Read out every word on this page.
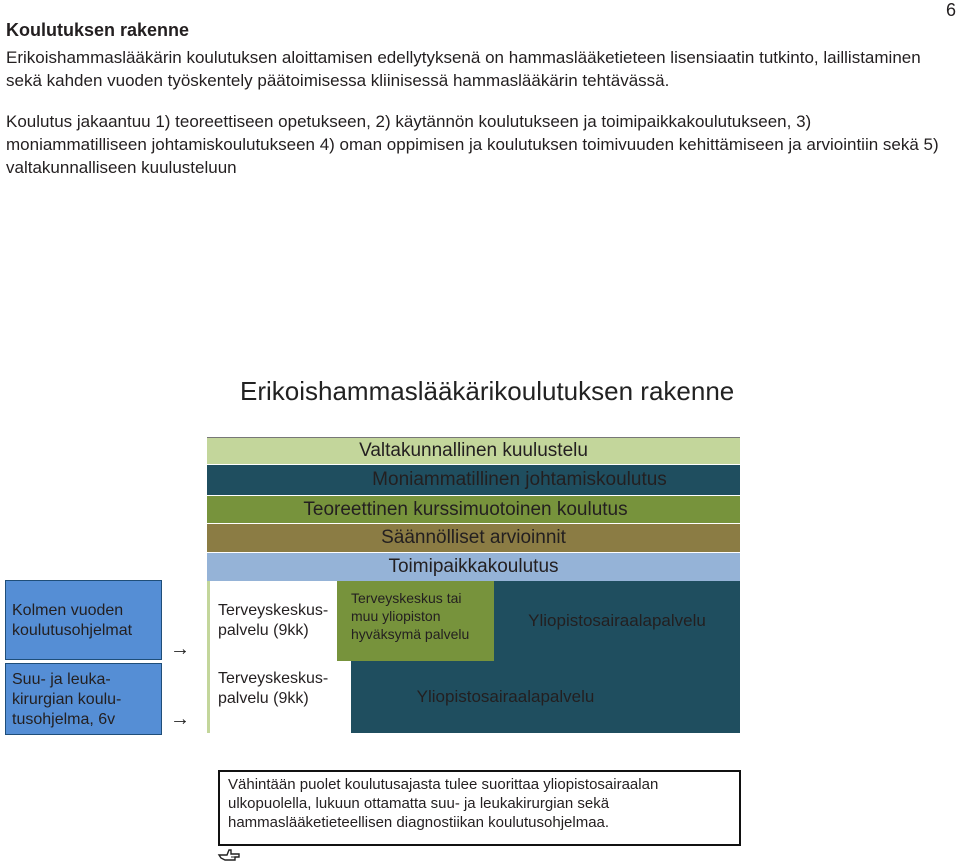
6
Koulutuksen rakenne

Erikoishammaslääkärin koulutuksen aloittamisen edellytyksenä on hammaslääketieteen lisensiaatin tutkinto, laillistaminen sekä kahden vuoden työskentely päätoimisessa kliinisessä hammaslääkärin tehtävässä.

Koulutus jakaantuu 1) teoreettiseen opetukseen, 2) käytännön koulutukseen ja toimipaikkakoulutukseen, 3) moniammatilliseen johtamiskoulutukseen 4) oman oppimisen ja koulutuksen toimivuuden kehittämiseen ja arviointiin sekä 5) valtakunnalliseen kuulusteluun

Erikoishammaslääkärikoulutuksen rakenne
Valtakunnallinen kuulustelu
Moniammatillinen johtamiskoulutus
Teoreettinen kurssimuotoinen koulutus
Säännölliset arvioinnit
Toimipaikkakoulutus
Kolmen vuoden koulutusohjelmat
→
Terveyskeskus-palvelu (9kk)
Terveyskeskus tai muu yliopiston hyväksymä palvelu
Yliopistosairaalapalvelu
Suu- ja leuka-kirurgian koulu-tusohjelma, 6v	→
Terveyskeskus-palvelu (9kk)	Yliopistosairaalapalvelu
Vähintään puolet koulutusajasta tulee suorittaa yliopistosairaalan ulkopuolella, lukuun ottamatta suu- ja leukakirurgian sekä hammaslääketieteellisen diagnostiikan koulutusohjelmaa.
